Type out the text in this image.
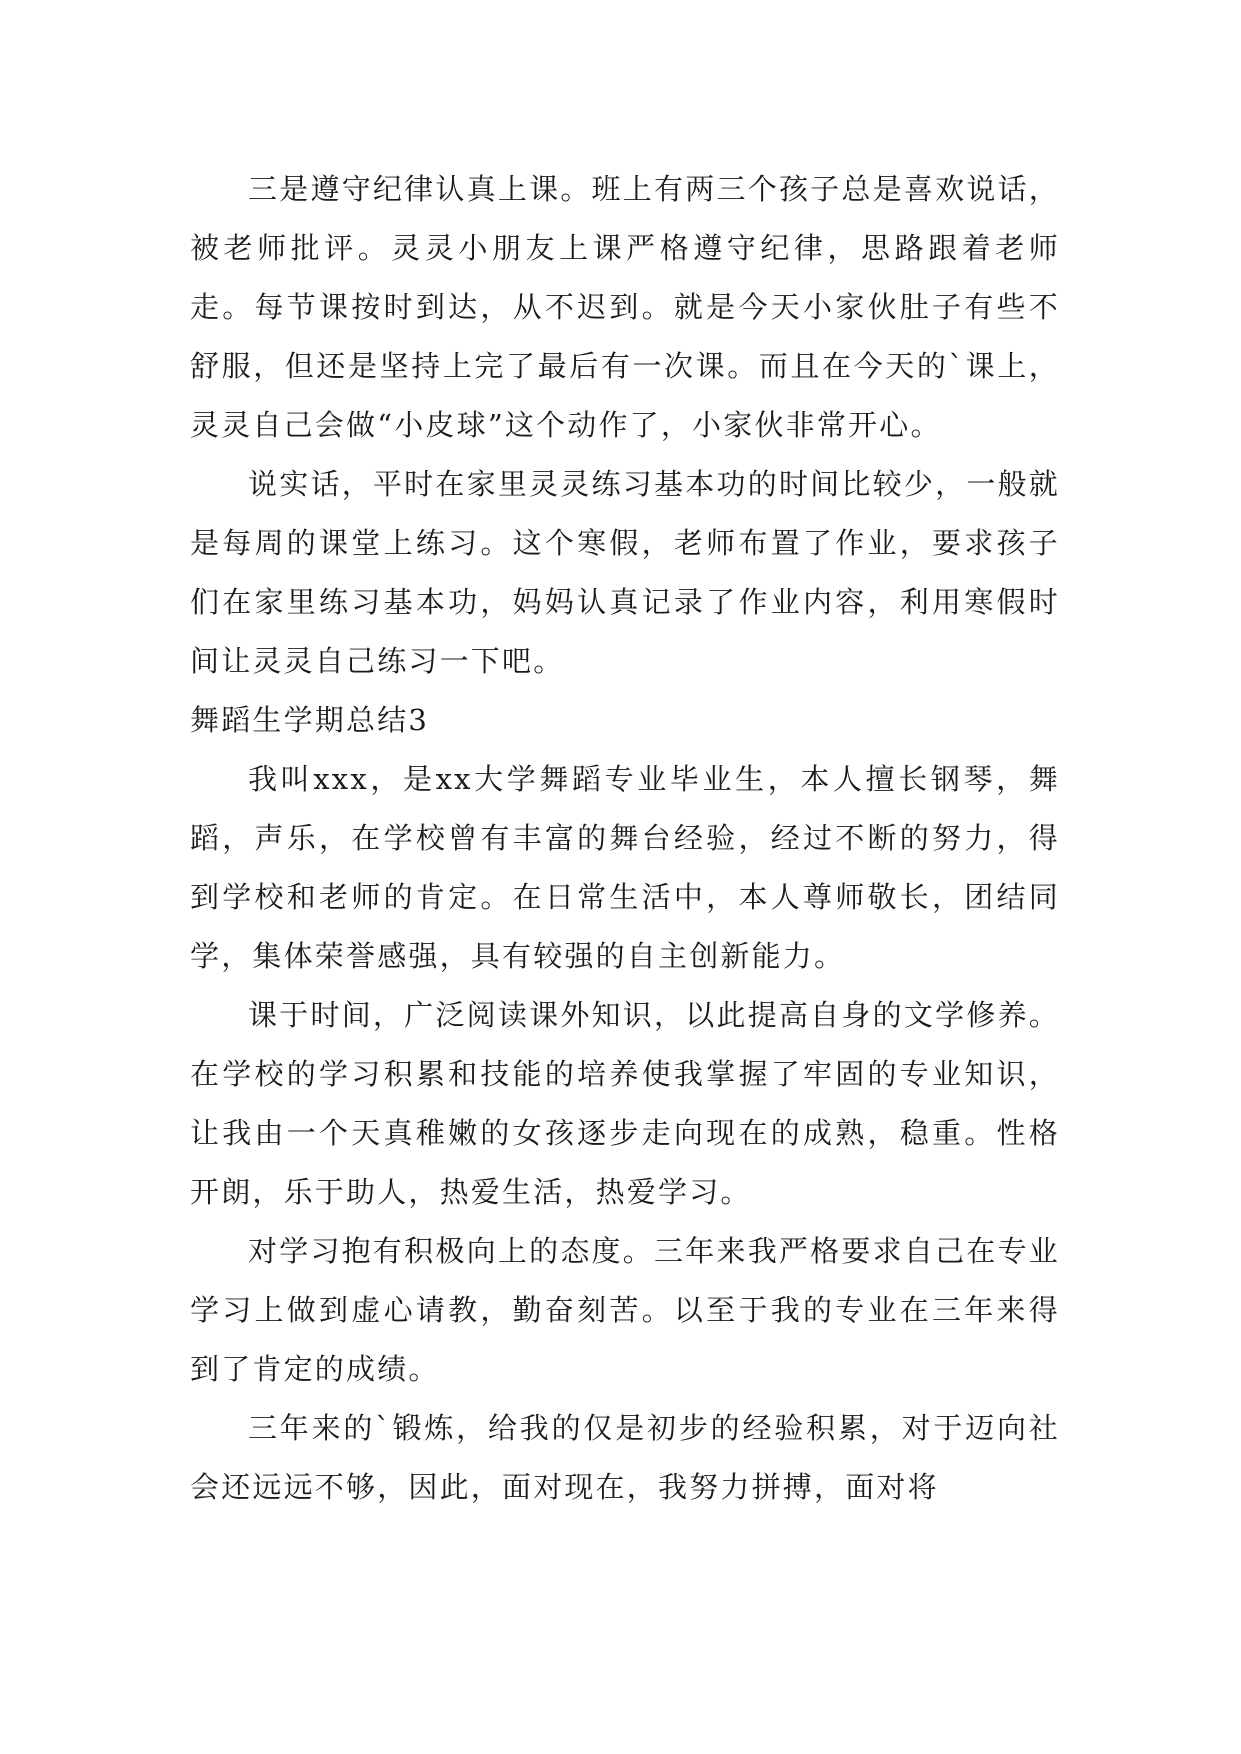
三是遵守纪律认真上课。班上有两三个孩子总是喜欢说话，被老师批评。灵灵小朋友上课严格遵守纪律，思路跟着老师走。每节课按时到达，从不迟到。就是今天小家伙肚子有些不舒服，但还是坚持上完了最后有一次课。而且在今天的`课上，灵灵自己会做“小皮球”这个动作了，小家伙非常开心。

说实话，平时在家里灵灵练习基本功的时间比较少，一般就是每周的课堂上练习。这个寒假，老师布置了作业，要求孩子们在家里练习基本功，妈妈认真记录了作业内容，利用寒假时间让灵灵自己练习一下吧。

舞蹈生学期总结3

我叫xxx，是xx大学舞蹈专业毕业生，本人擅长钢琴，舞蹈，声乐，在学校曾有丰富的舞台经验，经过不断的努力，得到学校和老师的肯定。在日常生活中，本人尊师敬长，团结同学，集体荣誉感强，具有较强的自主创新能力。

课于时间，广泛阅读课外知识，以此提高自身的文学修养。在学校的学习积累和技能的培养使我掌握了牢固的专业知识，让我由一个天真稚嫩的女孩逐步走向现在的成熟，稳重。性格开朗，乐于助人，热爱生活，热爱学习。

对学习抱有积极向上的态度。三年来我严格要求自己在专业学习上做到虚心请教，勤奋刻苦。以至于我的专业在三年来得到了肯定的成绩。

三年来的`锻炼，给我的仅是初步的经验积累，对于迈向社会还远远不够，因此，面对现在，我努力拼搏，面对将
